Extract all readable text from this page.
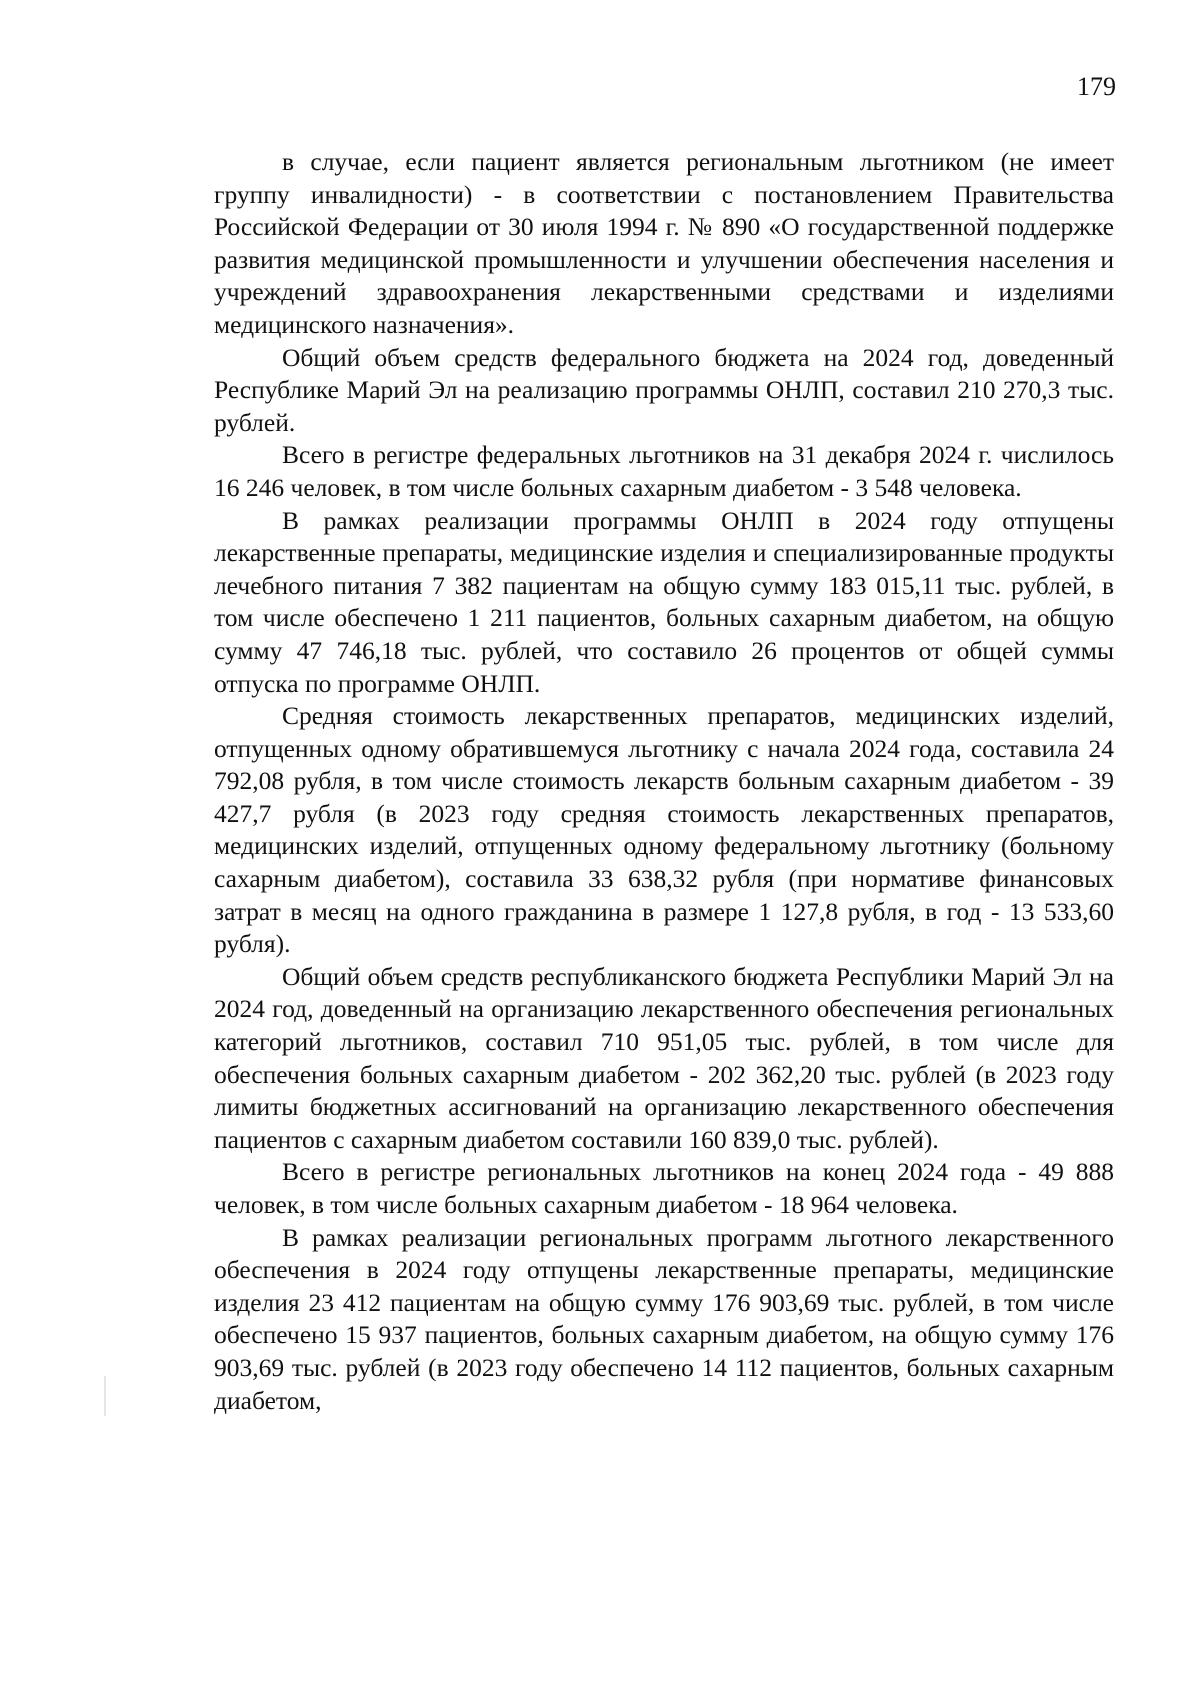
179

в случае, если пациент является региональным льготником (не имеет группу инвалидности) - в соответствии с постановлением Правительства Российской Федерации от 30 июля 1994 г. № 890 «О государственной поддержке развития медицинской промышленности и улучшении обеспечения населения и учреждений здравоохранения лекарственными средствами и изделиями медицинского назначения».

Общий объем средств федерального бюджета на 2024 год, доведенный Республике Марий Эл на реализацию программы ОНЛП, составил 210 270,3 тыс. рублей.

Всего в регистре федеральных льготников на 31 декабря 2024 г. числилось 16 246 человек, в том числе больных сахарным диабетом - 3 548 человека.

В рамках реализации программы ОНЛП в 2024 году отпущены лекарственные препараты, медицинские изделия и специализированные продукты лечебного питания 7 382 пациентам на общую сумму 183 015,11 тыс. рублей, в том числе обеспечено 1 211 пациентов, больных сахарным диабетом, на общую сумму 47 746,18 тыс. рублей, что составило 26 процентов от общей суммы отпуска по программе ОНЛП.

Средняя стоимость лекарственных препаратов, медицинских изделий, отпущенных одному обратившемуся льготнику с начала 2024 года, составила 24 792,08 рубля, в том числе стоимость лекарств больным сахарным диабетом - 39 427,7 рубля (в 2023 году средняя стоимость лекарственных препаратов, медицинских изделий, отпущенных одному федеральному льготнику (больному сахарным диабетом), составила 33 638,32 рубля (при нормативе финансовых затрат в месяц на одного гражданина в размере 1 127,8 рубля, в год - 13 533,60 рубля).

Общий объем средств республиканского бюджета Республики Марий Эл на 2024 год, доведенный на организацию лекарственного обеспечения региональных категорий льготников, составил 710 951,05 тыс. рублей, в том числе для обеспечения больных сахарным диабетом - 202 362,20 тыс. рублей (в 2023 году лимиты бюджетных ассигнований на организацию лекарственного обеспечения пациентов с сахарным диабетом составили 160 839,0 тыс. рублей).

Всего в регистре региональных льготников на конец 2024 года - 49 888 человек, в том числе больных сахарным диабетом - 18 964 человека.

В рамках реализации региональных программ льготного лекарственного обеспечения в 2024 году отпущены лекарственные препараты, медицинские изделия 23 412 пациентам на общую сумму 176 903,69 тыс. рублей, в том числе обеспечено 15 937 пациентов, больных сахарным диабетом, на общую сумму 176 903,69 тыс. рублей (в 2023 году обеспечено 14 112 пациентов, больных сахарным диабетом,
